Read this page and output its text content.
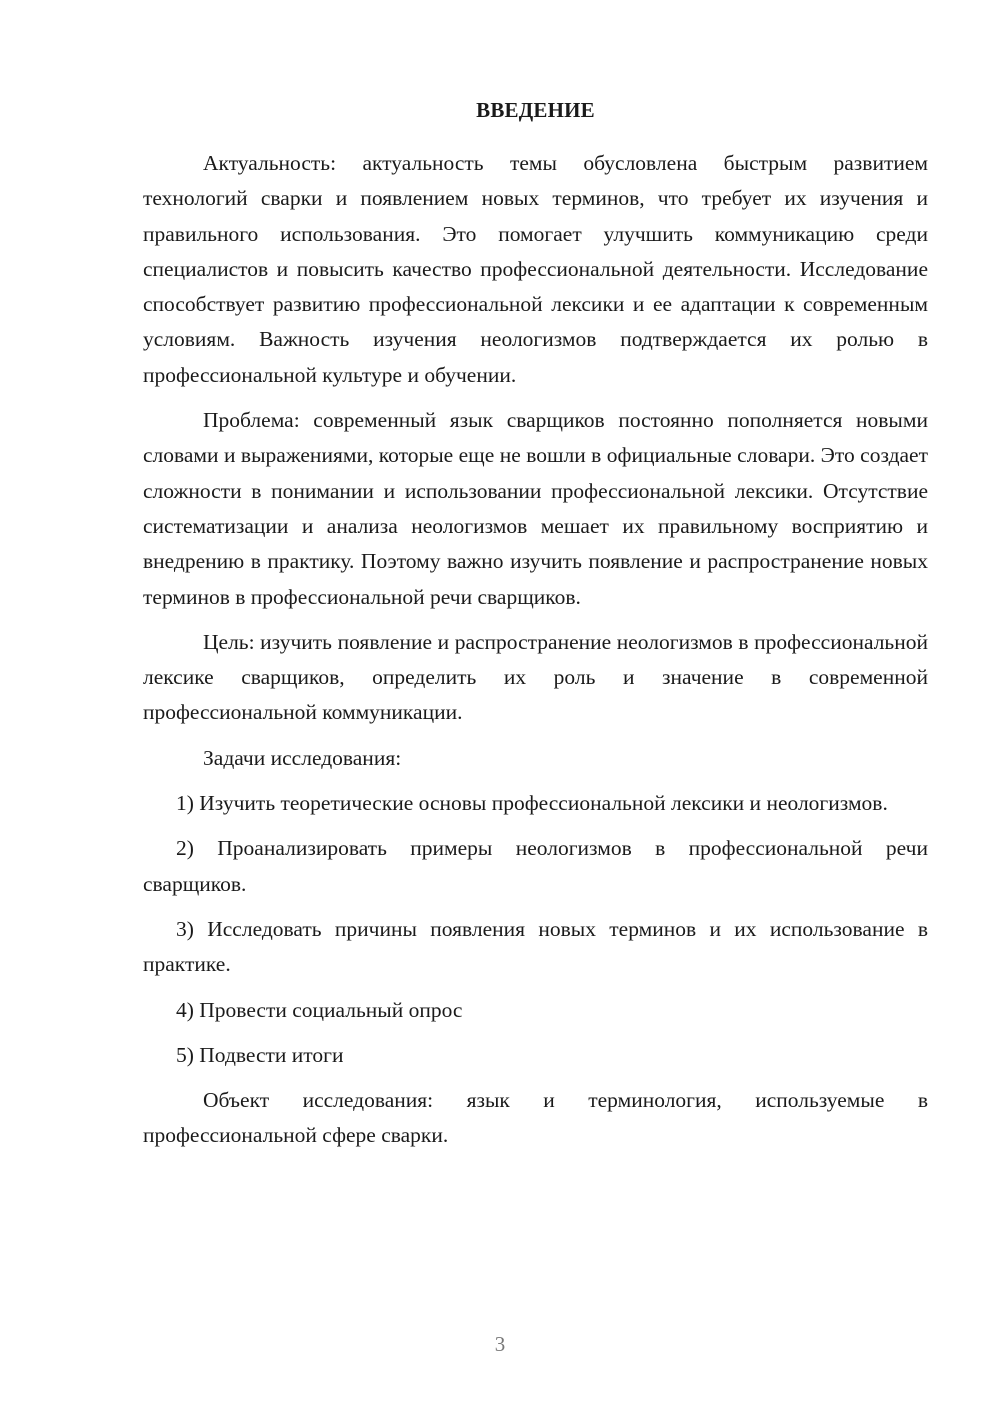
ВВЕДЕНИЕ

Актуальность: актуальность темы обусловлена быстрым развитием технологий сварки и появлением новых терминов, что требует их изучения и правильного использования. Это помогает улучшить коммуникацию среди специалистов и повысить качество профессиональной деятельности. Исследование способствует развитию профессиональной лексики и ее адаптации к современным условиям. Важность изучения неологизмов подтверждается их ролью в профессиональной культуре и обучении.

Проблема: современный язык сварщиков постоянно пополняется новыми словами и выражениями, которые еще не вошли в официальные словари. Это создает сложности в понимании и использовании профессиональной лексики. Отсутствие систематизации и анализа неологизмов мешает их правильному восприятию и внедрению в практику. Поэтому важно изучить появление и распространение новых терминов в профессиональной речи сварщиков.

Цель: изучить появление и распространение неологизмов в профессиональной лексике сварщиков, определить их роль и значение в современной профессиональной коммуникации.

Задачи исследования:

1) Изучить теоретические основы профессиональной лексики и неологизмов.

2) Проанализировать примеры неологизмов в профессиональной речи сварщиков.

3) Исследовать причины появления новых терминов и их использование в практике.

4) Провести социальный опрос

5) Подвести итоги

Объект исследования: язык и терминология, используемые в профессиональной сфере сварки.

3
